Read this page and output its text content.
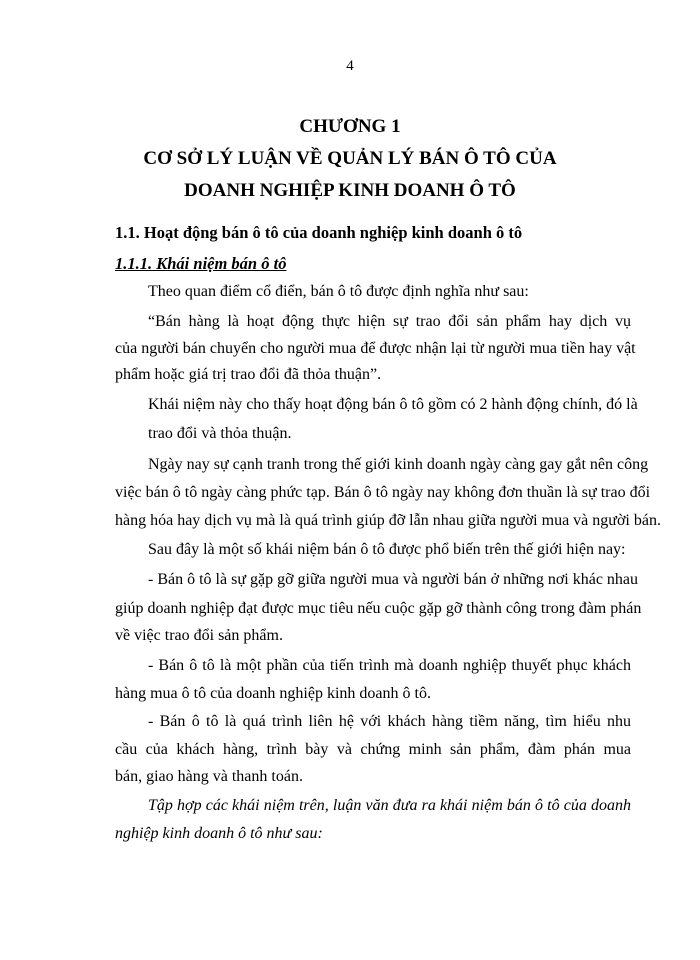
4
CHƯƠNG 1
CƠ SỞ LÝ LUẬN VỀ QUẢN LÝ BÁN Ô TÔ CỦA
DOANH NGHIỆP KINH DOANH Ô TÔ
1.1. Hoạt động bán ô tô của doanh nghiệp kinh doanh ô tô
1.1.1. Khái niệm bán ô tô
Theo quan điểm cổ điển, bán ô tô được định nghĩa như sau:
“Bán hàng là hoạt động thực hiện sự trao đổi sản phẩm hay dịch vụ
của người bán chuyển cho người mua để được nhận lại từ người mua tiền hay vật
phẩm hoặc giá trị trao đổi đã thỏa thuận”.
Khái niệm này cho thấy hoạt động bán ô tô gồm có 2 hành động chính, đó là
trao đổi và thỏa thuận.
Ngày nay sự cạnh tranh trong thế giới kinh doanh ngày càng gay gắt nên công
việc bán ô tô ngày càng phức tạp. Bán ô tô ngày nay không đơn thuần là sự trao đổi
hàng hóa hay dịch vụ mà là quá trình giúp đỡ lẫn nhau giữa người mua và người bán.
Sau đây là một số khái niệm bán ô tô được phổ biến trên thế giới hiện nay:
- Bán ô tô là sự gặp gỡ giữa người mua và người bán ở những nơi khác nhau
giúp doanh nghiệp đạt được mục tiêu nếu cuộc gặp gỡ thành công trong đàm phán
về việc trao đổi sản phẩm.
- Bán ô tô là một phần của tiến trình mà doanh nghiệp thuyết phục khách
hàng mua ô tô của doanh nghiệp kinh doanh ô tô.
- Bán ô tô là quá trình liên hệ với khách hàng tiềm năng, tìm hiểu nhu
cầu của khách hàng, trình bày và chứng minh sản phẩm, đàm phán mua
bán, giao hàng và thanh toán.
Tập hợp các khái niệm trên, luận văn đưa ra khái niệm bán ô tô của doanh
nghiệp kinh doanh ô tô như sau:
